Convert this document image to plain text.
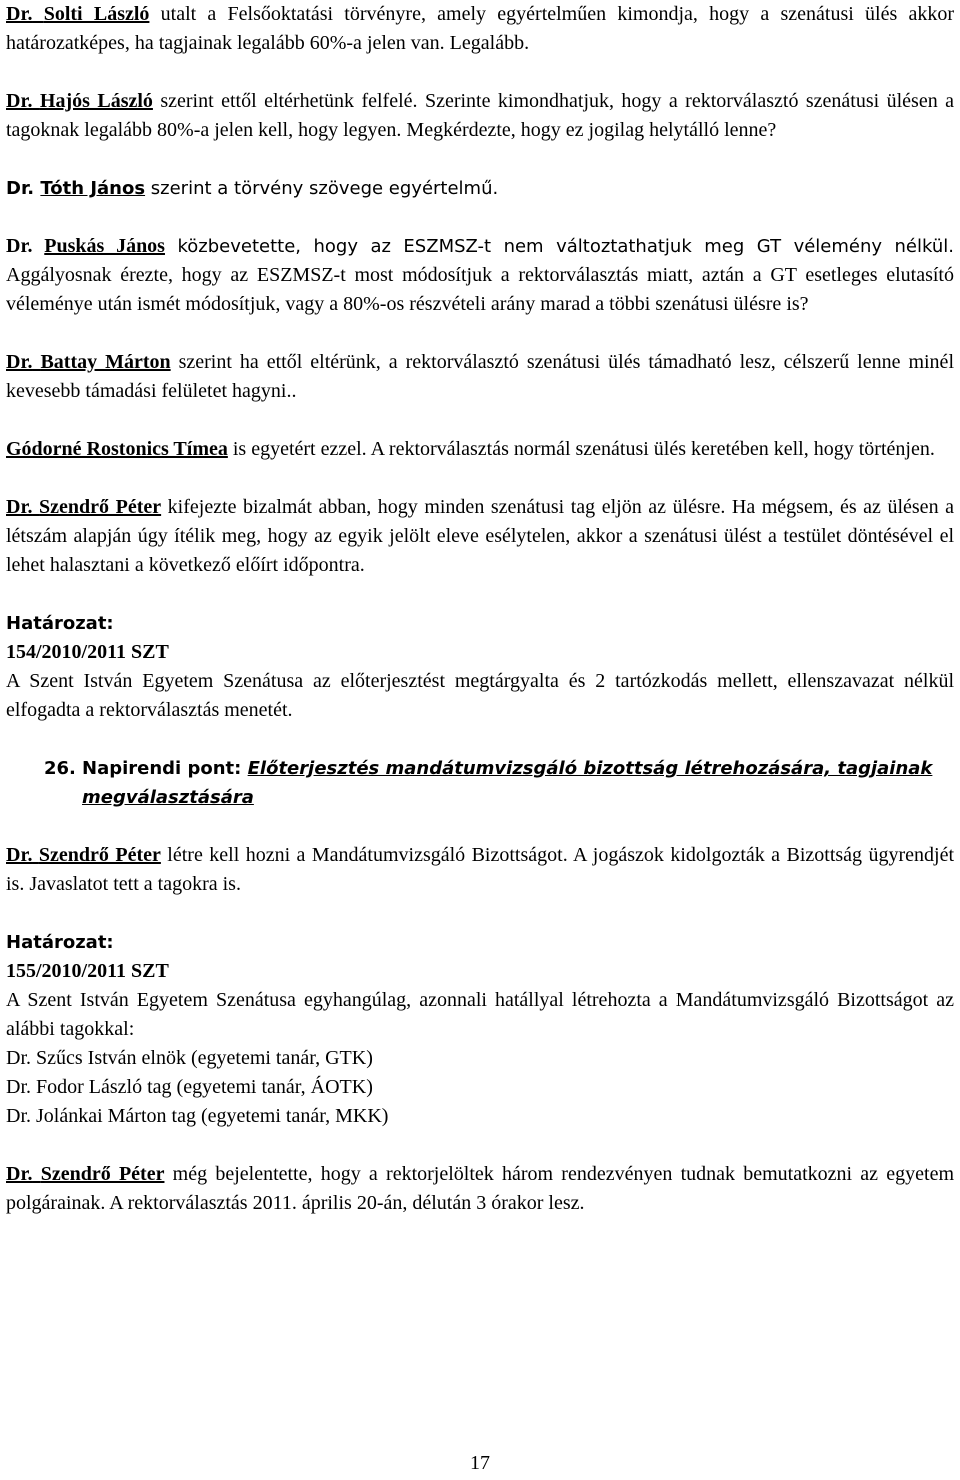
Dr. Solti László utalt a Felsőoktatási törvényre, amely egyértelműen kimondja, hogy a szenátusi ülés akkor határozatképes, ha tagjainak legalább 60%-a jelen van. Legalább.

Dr. Hajós László szerint ettől eltérhetünk felfelé. Szerinte kimondhatjuk, hogy a rektorválasztó szenátusi ülésen a tagoknak legalább 80%-a jelen kell, hogy legyen. Megkérdezte, hogy ez jogilag helytálló lenne?

Dr. Tóth János szerint a törvény szövege egyértelmű.

Dr. Puskás János közbevetette, hogy az ESZMSZ-t nem változtathatjuk meg GT vélemény nélkül. Aggályosnak érezte, hogy az ESZMSZ-t most módosítjuk a rektorválasztás miatt, aztán a GT esetleges elutasító véleménye után ismét módosítjuk, vagy a 80%-os részvételi arány marad a többi szenátusi ülésre is?

Dr. Battay Márton szerint ha ettől eltérünk, a rektorválasztó szenátusi ülés támadható lesz, célszerű lenne minél kevesebb támadási felületet hagyni..

Gódorné Rostonics Tímea is egyetért ezzel. A rektorválasztás normál szenátusi ülés keretében kell, hogy történjen.

Dr. Szendrő Péter kifejezte bizalmát abban, hogy minden szenátusi tag eljön az ülésre. Ha mégsem, és az ülésen a létszám alapján úgy ítélik meg, hogy az egyik jelölt eleve esélytelen, akkor a szenátusi ülést a testület döntésével el lehet halasztani a következő előírt időpontra.

Határozat:

154/2010/2011 SZT

A Szent István Egyetem Szenátusa az előterjesztést megtárgyalta és 2 tartózkodás mellett, ellenszavazat nélkül elfogadta a rektorválasztás menetét.

26. Napirendi pont: Előterjesztés mandátumvizsgáló bizottság létrehozására, tagjainak megválasztására

Dr. Szendrő Péter létre kell hozni a Mandátumvizsgáló Bizottságot. A jogászok kidolgozták a Bizottság ügyrendjét is. Javaslatot tett a tagokra is.

Határozat:

155/2010/2011 SZT

A Szent István Egyetem Szenátusa egyhangúlag, azonnali hatállyal létrehozta a Mandátumvizsgáló Bizottságot az alábbi tagokkal:

Dr. Szűcs István elnök (egyetemi tanár, GTK)

Dr. Fodor László tag (egyetemi tanár, ÁOTK)

Dr. Jolánkai Márton tag (egyetemi tanár, MKK)

Dr. Szendrő Péter még bejelentette, hogy a rektorjelöltek három rendezvényen tudnak bemutatkozni az egyetem polgárainak. A rektorválasztás 2011. április 20-án, délután 3 órakor lesz.

17
